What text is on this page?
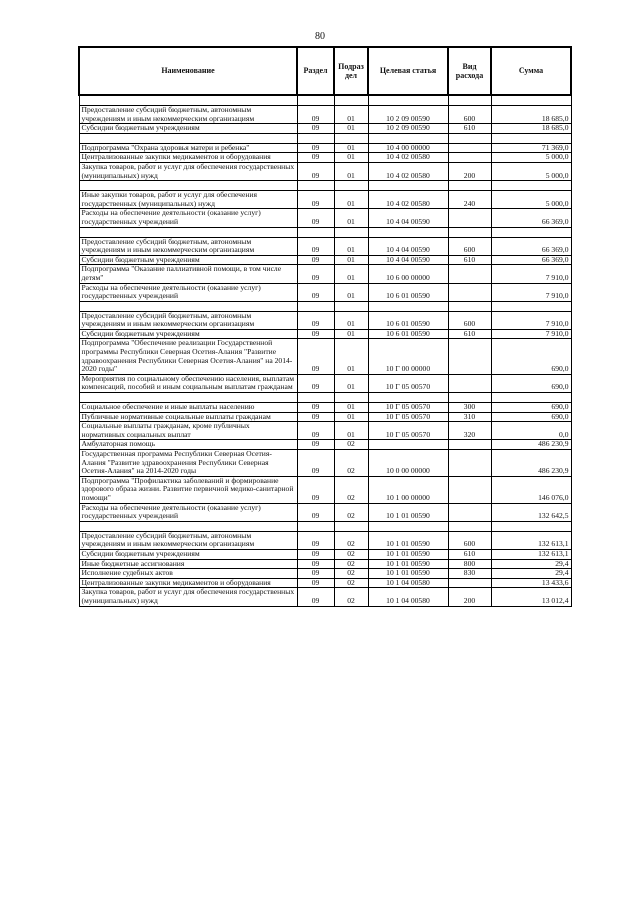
80
Наименование	Раздел	Подраз дел	Целевая статья	Вид расхода	Сумма

Предоставление субсидий бюджетным, автономным учреждениям и иным некоммерческим организациям	09	01	10 2 09 00590	600	18 685,0
Субсидии бюджетным учреждениям	09	01	10 2 09 00590	610	18 685,0

Подпрограмма "Охрана здоровья матери и ребенка"	09	01	10 4 00 00000		71 369,0
Централизованные закупки медикаментов и оборудования	09	01	10 4 02 00580		5 000,0
Закупка товаров, работ и услуг для обеспечения государственных (муниципальных) нужд	09	01	10 4 02 00580	200	5 000,0

Иные закупки товаров, работ и услуг для обеспечения государственных (муниципальных) нужд	09	01	10 4 02 00580	240	5 000,0
Расходы на обеспечение деятельности (оказание услуг) государственных учреждений	09	01	10 4 04 00590		66 369,0

Предоставление субсидий бюджетным, автономным учреждениям и иным некоммерческим организациям	09	01	10 4 04 00590	600	66 369,0
Субсидии бюджетным учреждениям	09	01	10 4 04 00590	610	66 369,0
Подпрограмма "Оказание паллиативной помощи, в том числе детям"	09	01	10 6 00 00000		7 910,0
Расходы на обеспечение деятельности (оказание услуг) государственных учреждений	09	01	10 6 01 00590		7 910,0

Предоставление субсидий бюджетным, автономным учреждениям и иным некоммерческим организациям	09	01	10 6 01 00590	600	7 910,0
Субсидии бюджетным учреждениям	09	01	10 6 01 00590	610	7 910,0
Подпрограмма "Обеспечение реализации Государственной программы Республики Северная Осетия-Алания "Развитие здравоохранения Республики Северная Осетия-Алания" на 2014-2020 годы"	09	01	10 Г 00 00000		690,0
Мероприятия по социальному обеспечению населения, выплатам компенсаций, пособий и иным социальным выплатам гражданам	09	01	10 Г 05 00570		690,0

Социальное обеспечение и иные выплаты населению	09	01	10 Г 05 00570	300	690,0
Публичные нормативные социальные выплаты гражданам	09	01	10 Г 05 00570	310	690,0
Социальные выплаты гражданам, кроме публичных нормативных социальных выплат	09	01	10 Г 05 00570	320	0,0
Амбулаторная помощь	09	02			486 230,9
Государственная программа Республики Северная Осетия-Алания "Развитие здравоохранения Республики Северная Осетия-Алания" на 2014-2020 годы	09	02	10 0 00 00000		486 230,9
Подпрограмма "Профилактика заболеваний и формирование здорового образа жизни. Развитие первичной медико-санитарной помощи"	09	02	10 1 00 00000		146 076,0
Расходы на обеспечение деятельности (оказание услуг) государственных учреждений	09	02	10 1 01 00590		132 642,5

Предоставление субсидий бюджетным, автономным учреждениям и иным некоммерческим организациям	09	02	10 1 01 00590	600	132 613,1
Субсидии бюджетным учреждениям	09	02	10 1 01 00590	610	132 613,1
Иные бюджетные ассигнования	09	02	10 1 01 00590	800	29,4
Исполнение судебных актов	09	02	10 1 01 00590	830	29,4
Централизованные закупки медикаментов и оборудования	09	02	10 1 04 00580		13 433,6
Закупка товаров, работ и услуг для обеспечения государственных (муниципальных) нужд	09	02	10 1 04 00580	200	13 012,4
